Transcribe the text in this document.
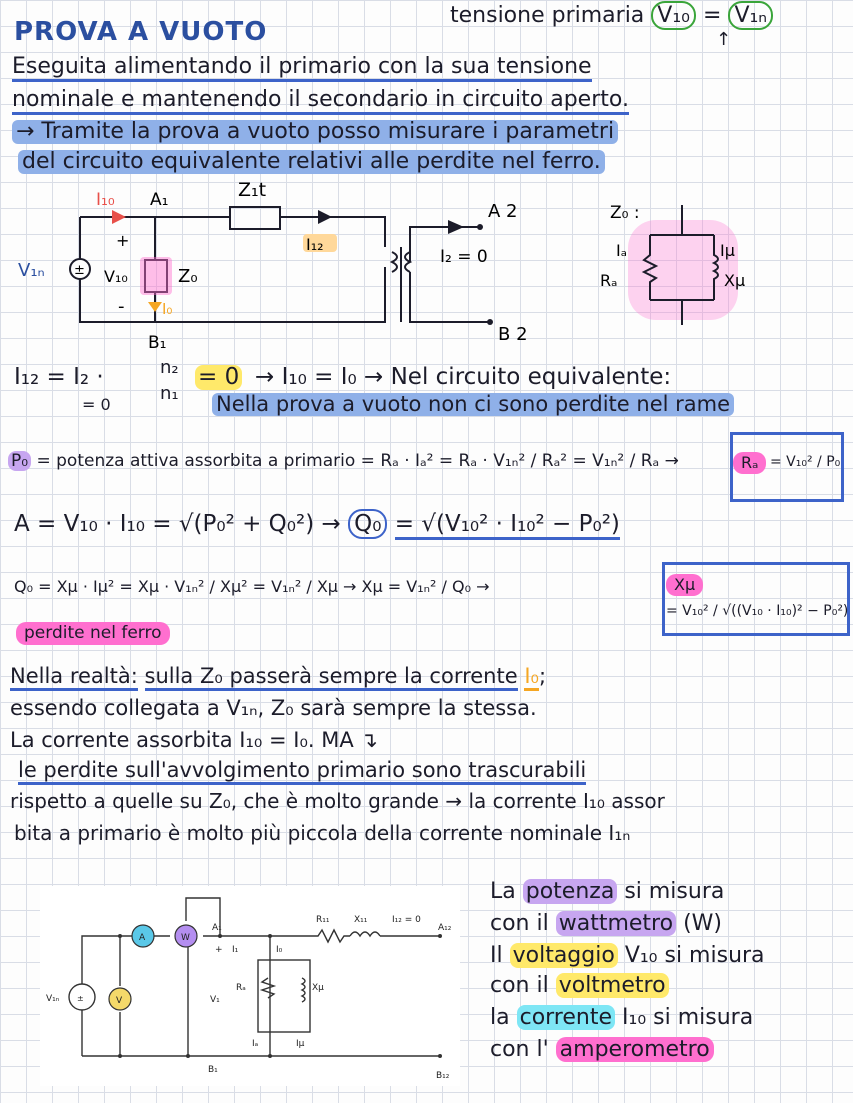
PROVA A VUOTO
tensione primaria V₁₀ = V₁ₙ
↑
Eseguita alimentando il primario con la sua tensione
nominale e mantenendo il secondario in circuito aperto.
→ Tramite la prova a vuoto posso misurare i parametri
del circuito equivalente relativi alle perdite nel ferro.
I₁₀ A₁	Z₁t
A 2
+
-
V₁ₙ ± V₁₀	Z₀
I₀
I₁₂
I₂ = 0
B₁	B 2
Z₀ :
Iₐ	Iμ
Rₐ	Xμ
I₁₂ = I₂ ·	n₂
n₁
= 0 → I₁₀ = I₀ → Nel circuito equivalente:
= 0	Nella prova a vuoto non ci sono perdite nel rame
P₀ = potenza attiva assorbita a primario = Rₐ · Iₐ² = Rₐ · V₁ₙ² / Rₐ² = V₁ₙ² / Rₐ →	Rₐ = V₁₀² / P₀
A = V₁₀ · I₁₀ = √(P₀² + Q₀²) → Q₀ = √(V₁₀² · I₁₀² − P₀²)
Q₀ = Xμ · Iμ² = Xμ · V₁ₙ² / Xμ² = V₁ₙ² / Xμ → Xμ = V₁ₙ² / Q₀ →	Xμ
= V₁₀² / √((V₁₀ · I₁₀)² − P₀²)
perdite nel ferro
Nella realtà: sulla Z₀ passerà sempre la corrente I₀;
essendo collegata a V₁ₙ, Z₀ sarà sempre la stessa.
La corrente assorbita I₁₀ = I₀. MA ↴
le perdite sull'avvolgimento primario sono trascurabili
rispetto a quelle su Z₀, che è molto grande → la corrente I₁₀ assor
bita a primario è molto più piccola della corrente nominale I₁ₙ
V₁ₙ ±
A	W
V
A₁
+ I₁	I₀
V₁
Rₐ	Xμ
Iₐ	Iμ
R₁₁	X₁₁	I₁₂ = 0
A₁₂
B₁
B₁₂
La potenza si misura
con il wattmetro (W)
Il voltaggio V₁₀ si misura
con il voltmetro
la corrente I₁₀ si misura
con l' amperometro
